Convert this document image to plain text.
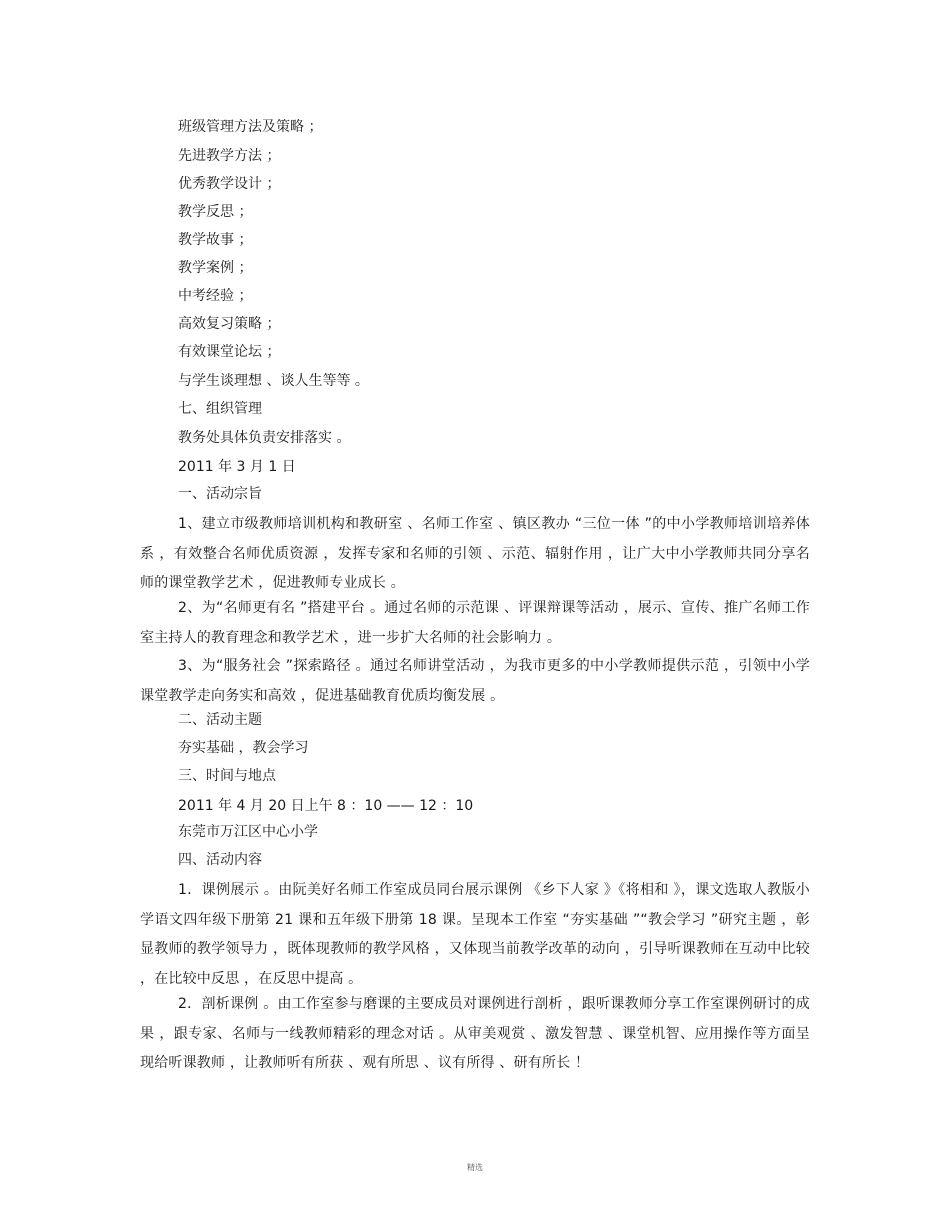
班级管理方法及策略 ；
先进教学方法 ；
优秀教学设计 ；
教学反思 ；
教学故事 ；
教学案例 ；
中考经验 ；
高效复习策略 ；
有效课堂论坛 ；
与学生谈理想 、谈人生等等 。
七、组织管理
教务处具体负责安排落实 。
2011 年 3 月 1 日
一、活动宗旨
1、建立市级教师培训机构和教研室 、名师工作室 、镇区教办 “三位一体 ”的中小学教师培训培养体系 ，有效整合名师优质资源 ，发挥专家和名师的引领 、示范、辐射作用 ，让广大中小学教师共同分享名师的课堂教学艺术 ，促进教师专业成长 。
2、为“名师更有名 ”搭建平台 。通过名师的示范课 、评课辩课等活动 ，展示、宣传、推广名师工作室主持人的教育理念和教学艺术 ，进一步扩大名师的社会影响力 。
3、为“服务社会 ”探索路径 。通过名师讲堂活动 ，为我市更多的中小学教师提供示范 ，引领中小学课堂教学走向务实和高效 ，促进基础教育优质均衡发展 。
二、活动主题
夯实基础 ，教会学习
三、时间与地点
2011 年 4 月 20 日上午 8 ：10 —— 12 ：10
东莞市万江区中心小学
四、活动内容
1．课例展示 。由阮美好名师工作室成员同台展示课例 《乡下人家 》《将相和 》，课文选取人教版小学语文四年级下册第 21 课和五年级下册第 18 课。呈现本工作室 “夯实基础 ”“教会学习 ”研究主题 ，彰显教师的教学领导力 ，既体现教师的教学风格 ，又体现当前教学改革的动向 ，引导听课教师在互动中比较 ，在比较中反思 ，在反思中提高 。
2．剖析课例 。由工作室参与磨课的主要成员对课例进行剖析 ，跟听课教师分享工作室课例研讨的成果 ，跟专家、名师与一线教师精彩的理念对话 。从审美观赏 、激发智慧 、课堂机智、应用操作等方面呈现给听课教师 ，让教师听有所获 、观有所思 、议有所得 、研有所长 ！
精选
